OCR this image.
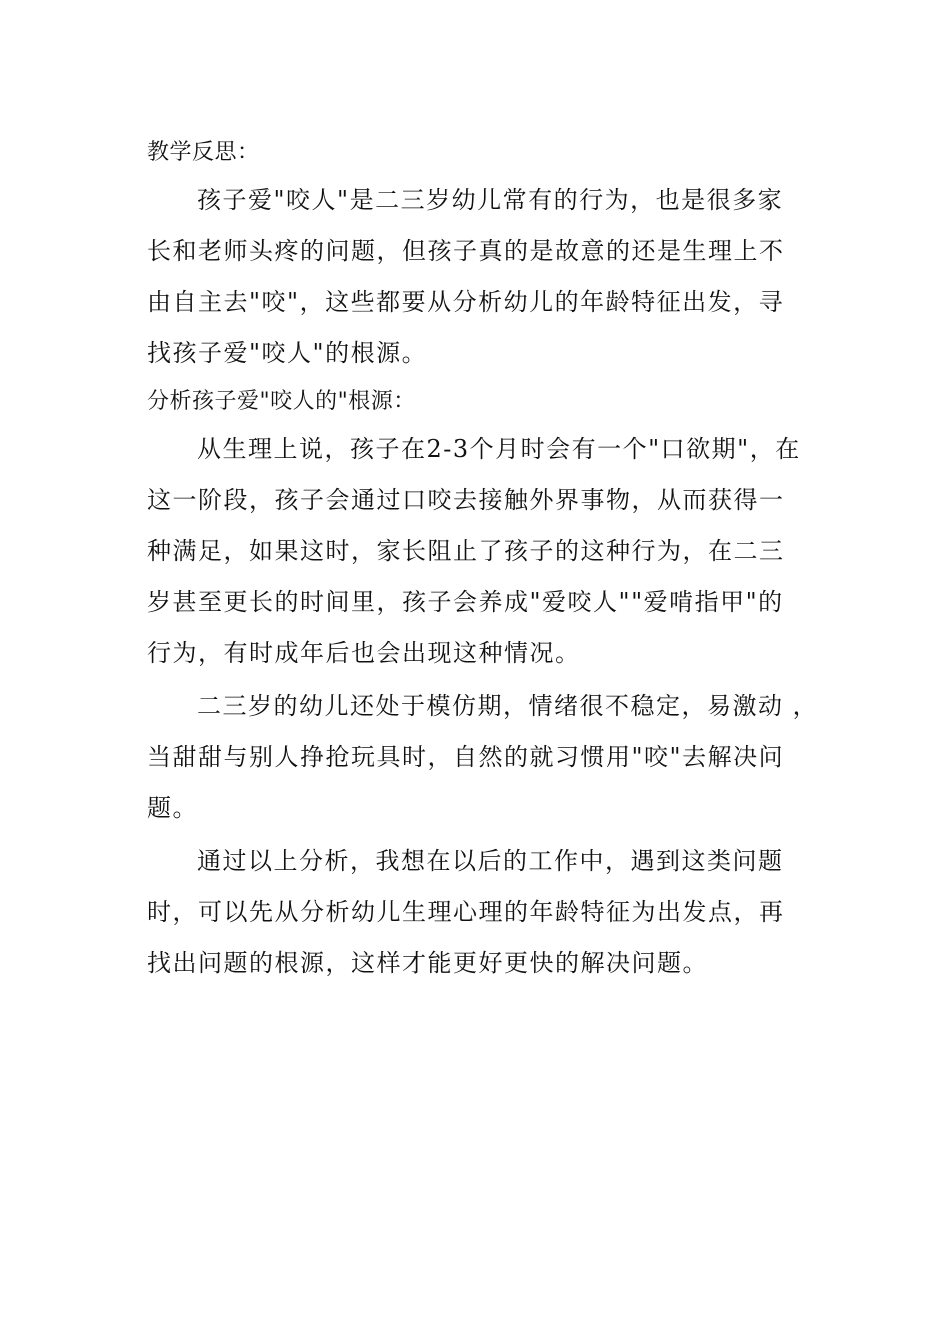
教学反思：
孩子爱"咬人"是二三岁幼儿常有的行为，也是很多家
长和老师头疼的问题，但孩子真的是故意的还是生理上不
由自主去"咬"，这些都要从分析幼儿的年龄特征出发，寻
找孩子爱"咬人"的根源。
分析孩子爱"咬人的"根源：
从生理上说，孩子在2-3个月时会有一个"口欲期"，在
这一阶段，孩子会通过口咬去接触外界事物，从而获得一
种满足，如果这时，家长阻止了孩子的这种行为，在二三
岁甚至更长的时间里，孩子会养成"爱咬人""爱啃指甲"的
行为，有时成年后也会出现这种情况。
二三岁的幼儿还处于模仿期，情绪很不稳定，易激动 ，
当甜甜与别人挣抢玩具时，自然的就习惯用"咬"去解决问
题。
通过以上分析，我想在以后的工作中，遇到这类问题
时，可以先从分析幼儿生理心理的年龄特征为出发点，再
找出问题的根源，这样才能更好更快的解决问题。
